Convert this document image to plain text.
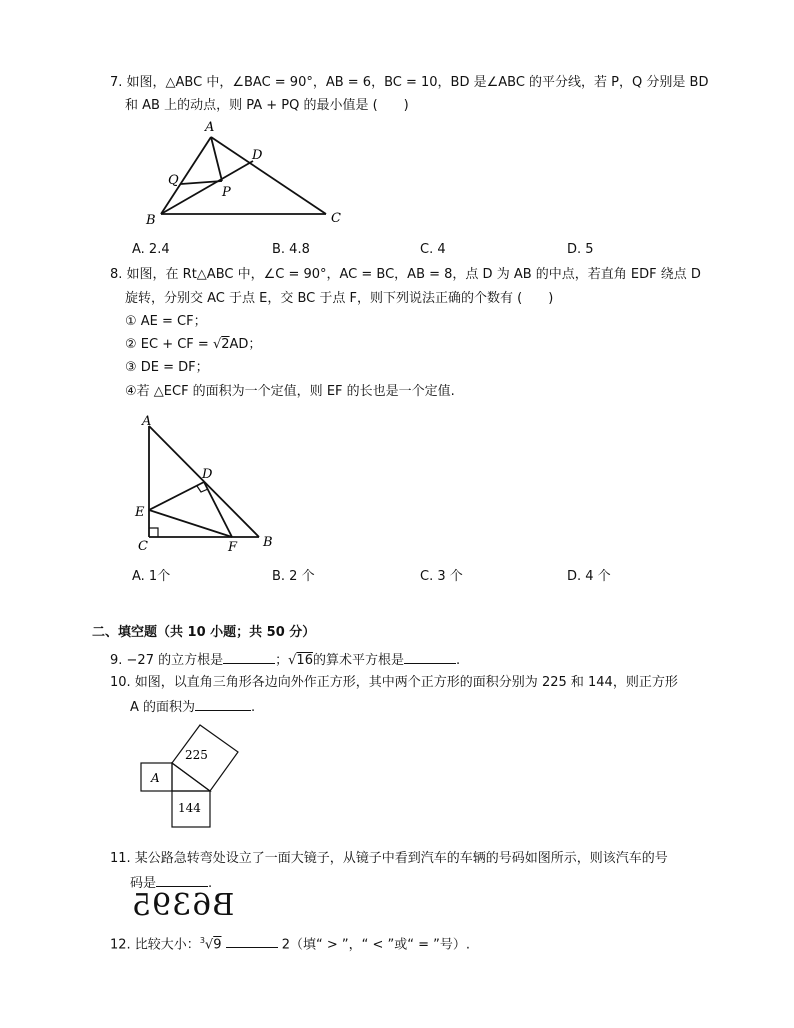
7. 如图，△ABC 中，∠BAC = 90°，AB = 6，BC = 10，BD 是∠ABC 的平分线，若 P，Q 分别是 BD
和 AB 上的动点，则 PA + PQ 的最小值是 (　　)
A
D
Q
P
B	C
A. 2.4	B. 4.8	C. 4	D. 5
8. 如图，在 Rt△ABC 中，∠C = 90°，AC = BC，AB = 8，点 D 为 AB 的中点，若直角 EDF 绕点 D
旋转，分别交 AC 于点 E，交 BC 于点 F，则下列说法正确的个数有 (　　)
① AE = CF；
② EC + CF = √2AD；
③ DE = DF；
④若 △ECF 的面积为一个定值，则 EF 的长也是一个定值.
A
D
E
C	F B
A. 1个	B. 2 个	C. 3 个	D. 4 个
二、填空题（共 10 小题；共 50 分）
9. −27 的立方根是	；√16的算术平方根是	.
10. 如图，以直角三角形各边向外作正方形，其中两个正方形的面积分别为 225 和 144，则正方形
A 的面积为	.
A
225
144
11. 某公路急转弯处设立了一面大镜子，从镜子中看到汽车的车辆的号码如图所示，则该汽车的号
码是	.
B6395
12. 比较大小：$^3$√9	2（填“ > ”，“ < ”或“ = ”号）.
